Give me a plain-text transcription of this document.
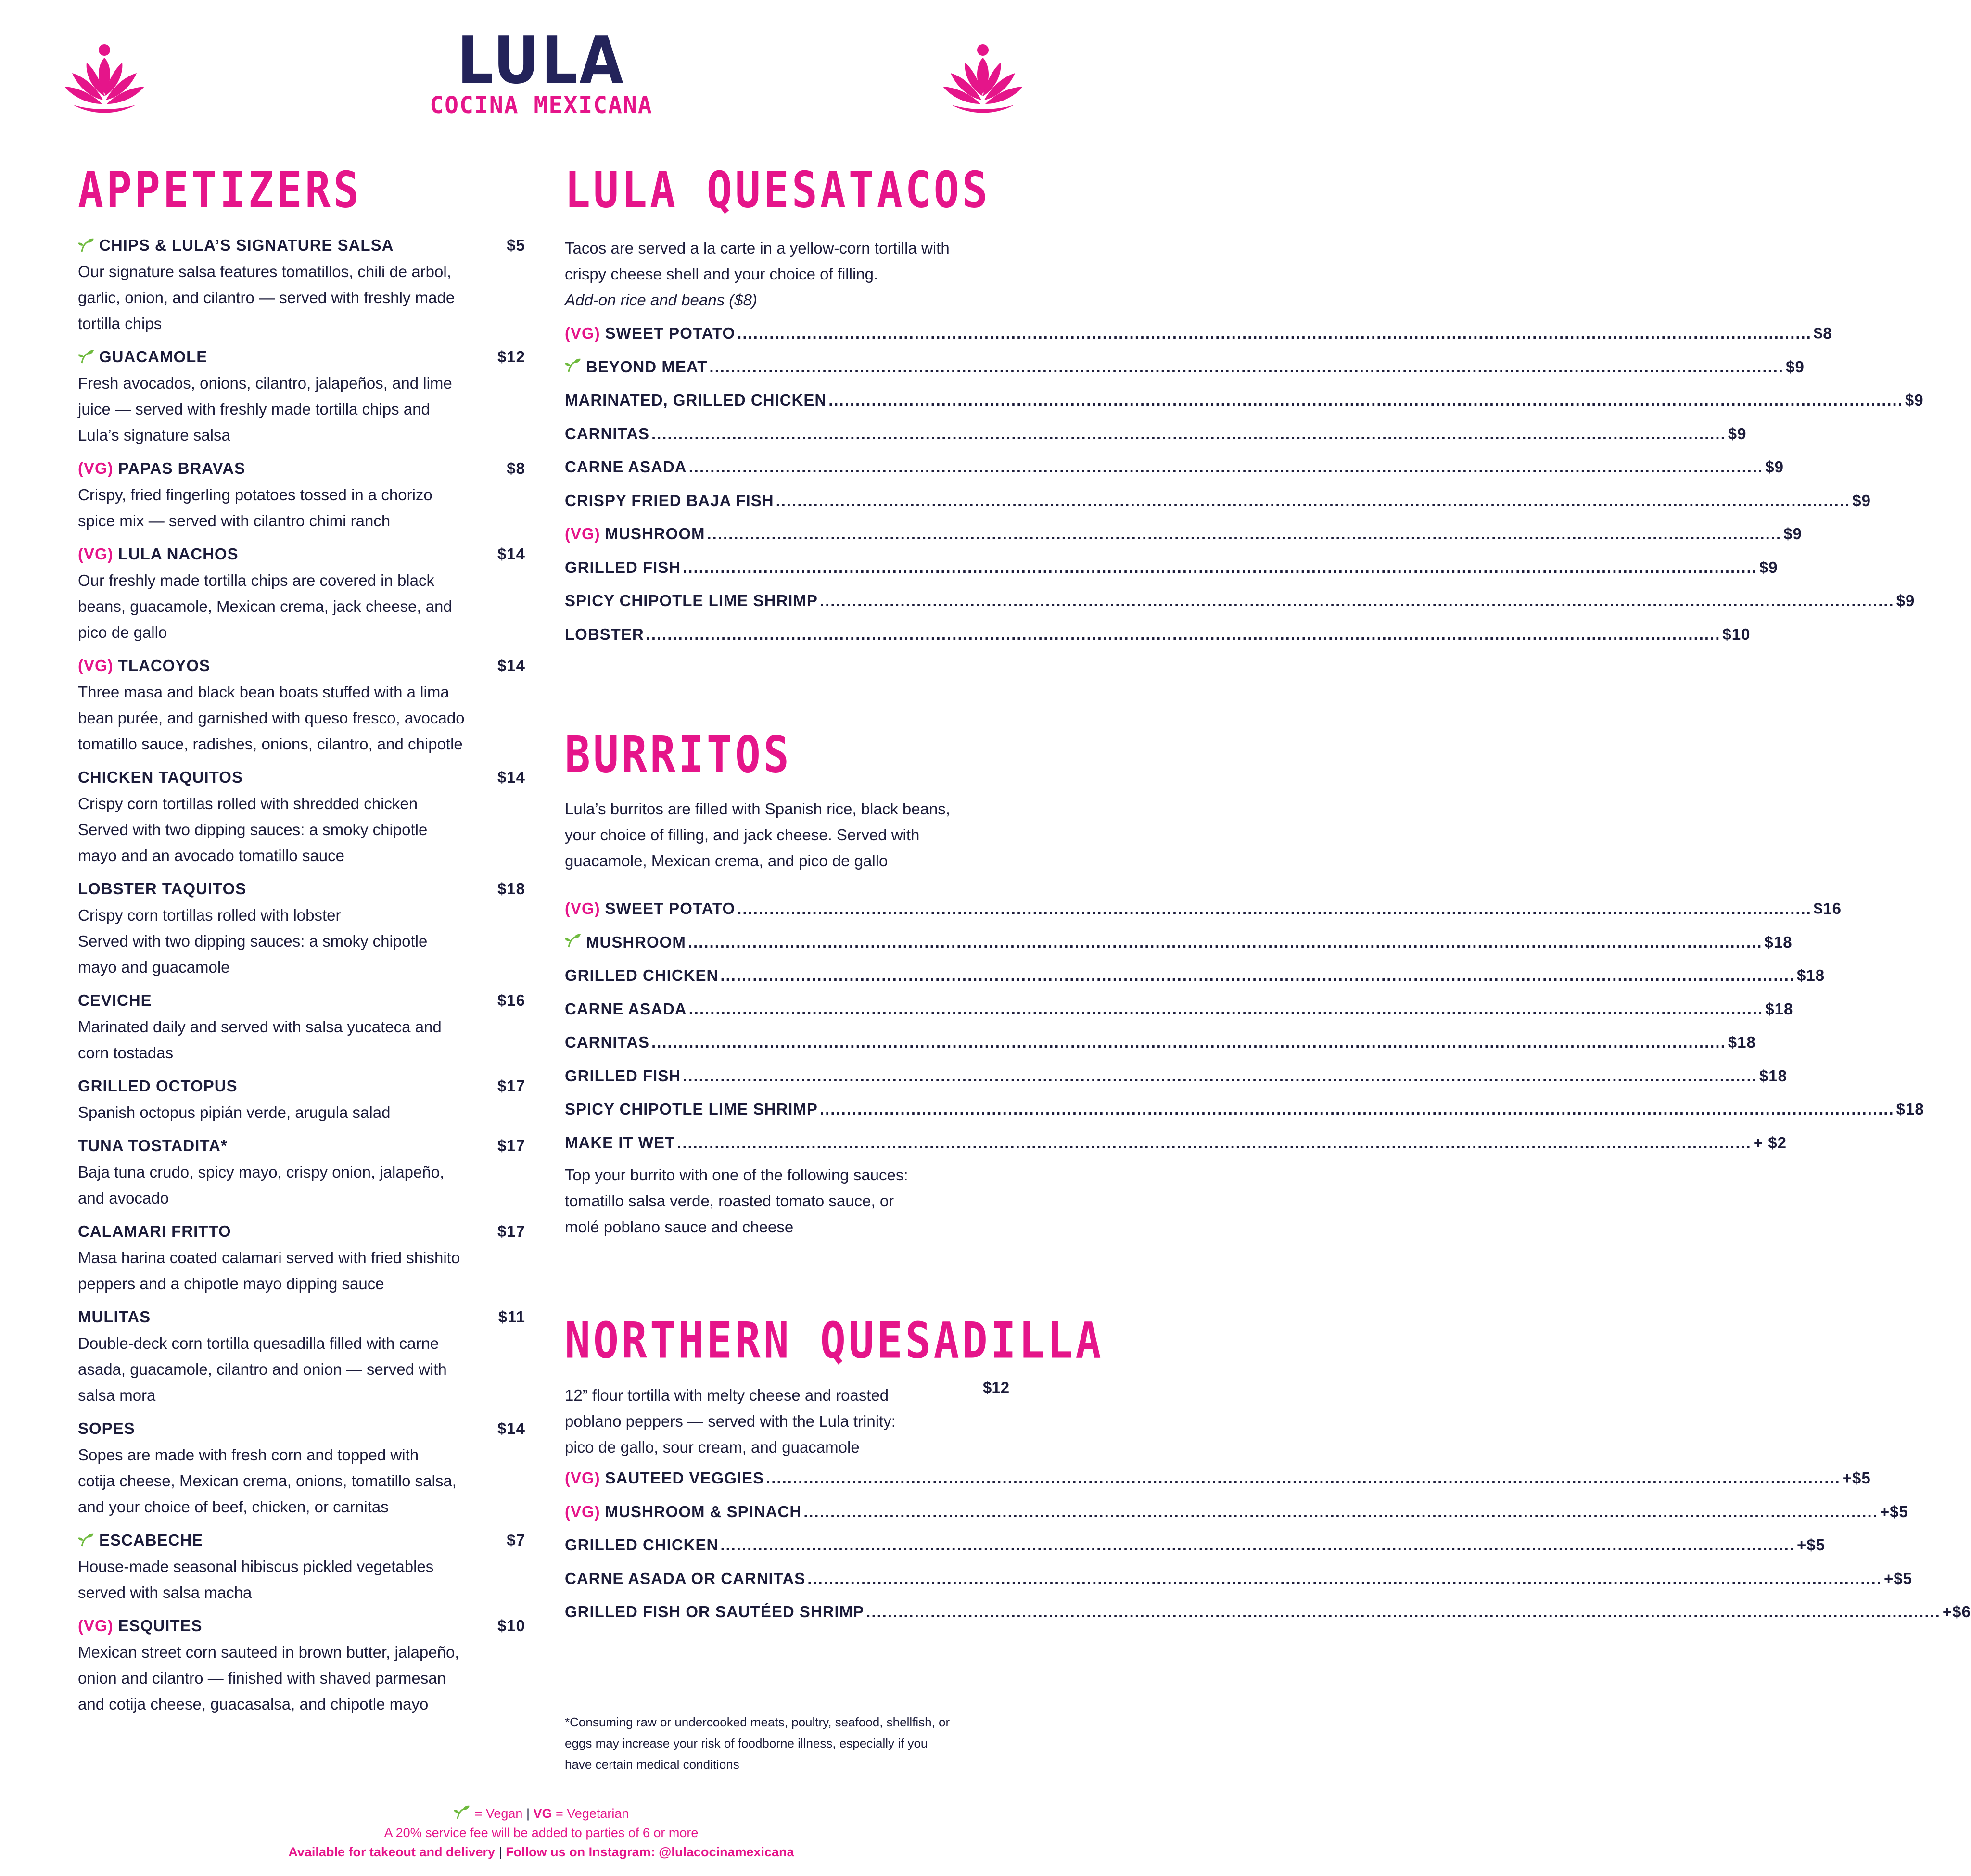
LULA
COCINA MEXICANA
APPETIZERS
CHIPS & LULA’S SIGNATURE SALSA	$5

Our signature salsa features tomatillos, chili de arbol,

garlic, onion, and cilantro — served with freshly made

tortilla chips

GUACAMOLE	$12

Fresh avocados, onions, cilantro, jalapeños, and lime

juice — served with freshly made tortilla chips and

Lula’s signature salsa

(VG) PAPAS BRAVAS	$8

Crispy, fried fingerling potatoes tossed in a chorizo

spice mix — served with cilantro chimi ranch

(VG) LULA NACHOS	$14

Our freshly made tortilla chips are covered in black

beans, guacamole, Mexican crema, jack cheese, and

pico de gallo

(VG) TLACOYOS	$14

Three masa and black bean boats stuffed with a lima

bean purée, and garnished with queso fresco, avocado

tomatillo sauce, radishes, onions, cilantro, and chipotle

CHICKEN TAQUITOS	$14

Crispy corn tortillas rolled with shredded chicken

Served with two dipping sauces: a smoky chipotle

mayo and an avocado tomatillo sauce

LOBSTER TAQUITOS	$18

Crispy corn tortillas rolled with lobster

Served with two dipping sauces: a smoky chipotle

mayo and guacamole

CEVICHE	$16

Marinated daily and served with salsa yucateca and

corn tostadas

GRILLED OCTOPUS	$17

Spanish octopus pipián verde, arugula salad

TUNA TOSTADITA*	$17

Baja tuna crudo, spicy mayo, crispy onion, jalapeño,

and avocado

CALAMARI FRITTO	$17

Masa harina coated calamari served with fried shishito

peppers and a chipotle mayo dipping sauce

MULITAS	$11

Double-deck corn tortilla quesadilla filled with carne

asada, guacamole, cilantro and onion — served with

salsa mora

SOPES	$14

Sopes are made with fresh corn and topped with

cotija cheese, Mexican crema, onions, tomatillo salsa,

and your choice of beef, chicken, or carnitas

ESCABECHE	$7

House-made seasonal hibiscus pickled vegetables

served with salsa macha

(VG) ESQUITES	$10

Mexican street corn sauteed in brown butter, jalapeño,

onion and cilantro — finished with shaved parmesan

and cotija cheese, guacasalsa, and chipotle mayo

LULA QUESATACOS

Tacos are served a la carte in a yellow-corn tortilla with

crispy cheese shell and your choice of filling.

Add-on rice and beans ($8)

(VG) SWEET POTATO ........................................................................................................................................................................................................ $8
BEYOND MEAT ........................................................................................................................................................................................................ $9
MARINATED, GRILLED CHICKEN ........................................................................................................................................................................................................ $9
CARNITAS ........................................................................................................................................................................................................ $9
CARNE ASADA ........................................................................................................................................................................................................ $9
CRISPY FRIED BAJA FISH ........................................................................................................................................................................................................ $9
(VG) MUSHROOM ........................................................................................................................................................................................................ $9
GRILLED FISH ........................................................................................................................................................................................................ $9
SPICY CHIPOTLE LIME SHRIMP ........................................................................................................................................................................................................ $9
LOBSTER ........................................................................................................................................................................................................ $10
BURRITOS

Lula’s burritos are filled with Spanish rice, black beans,

your choice of filling, and jack cheese. Served with

guacamole, Mexican crema, and pico de gallo

(VG) SWEET POTATO ........................................................................................................................................................................................................ $16
MUSHROOM ........................................................................................................................................................................................................ $18
GRILLED CHICKEN ........................................................................................................................................................................................................ $18
CARNE ASADA ........................................................................................................................................................................................................ $18
CARNITAS ........................................................................................................................................................................................................ $18
GRILLED FISH ........................................................................................................................................................................................................ $18
SPICY CHIPOTLE LIME SHRIMP ........................................................................................................................................................................................................ $18
MAKE IT WET ........................................................................................................................................................................................................ + $2

Top your burrito with one of the following sauces:

tomatillo salsa verde, roasted tomato sauce, or

molé poblano sauce and cheese

NORTHERN QUESADILLA
$12

12” flour tortilla with melty cheese and roasted

poblano peppers — served with the Lula trinity:

pico de gallo, sour cream, and guacamole

(VG) SAUTEED VEGGIES ........................................................................................................................................................................................................ +$5
(VG) MUSHROOM & SPINACH ........................................................................................................................................................................................................ +$5
GRILLED CHICKEN ........................................................................................................................................................................................................ +$5
CARNE ASADA OR CARNITAS ........................................................................................................................................................................................................ +$5
GRILLED FISH OR SAUTÉED SHRIMP ........................................................................................................................................................................................................ +$6

*Consuming raw or undercooked meats, poultry, seafood, shellfish, or

eggs may increase your risk of foodborne illness, especially if you

have certain medical conditions

= Vegan | VG = Vegetarian

A 20% service fee will be added to parties of 6 or more

Available for takeout and delivery | Follow us on Instagram: @lulacocinamexicana
